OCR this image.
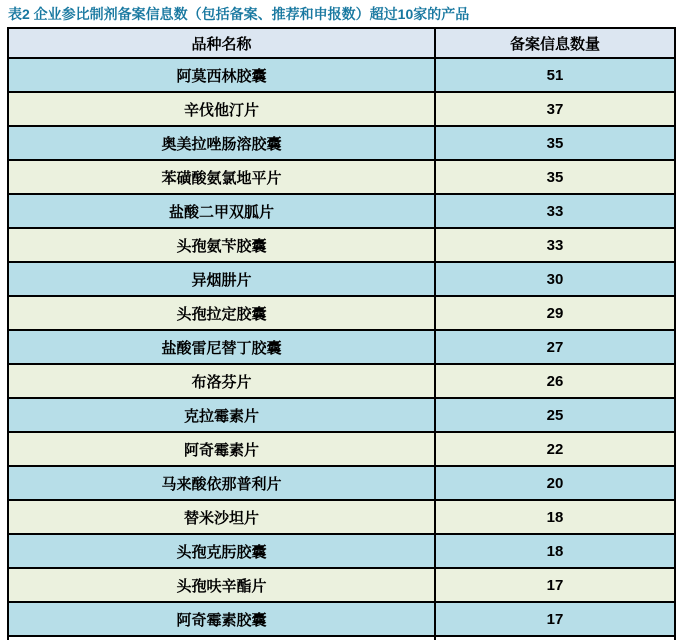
表2 企业参比制剂备案信息数（包括备案、推荐和申报数）超过10家的产品
品种名称	备案信息数量
阿莫西林胶囊	51
辛伐他汀片	37
奥美拉唑肠溶胶囊	35
苯磺酸氨氯地平片	35
盐酸二甲双胍片	33
头孢氨苄胶囊	33
异烟肼片	30
头孢拉定胶囊	29
盐酸雷尼替丁胶囊	27
布洛芬片	26
克拉霉素片	25
阿奇霉素片	22
马来酸依那普利片	20
替米沙坦片	18
头孢克肟胶囊	18
头孢呋辛酯片	17
阿奇霉素胶囊	17
